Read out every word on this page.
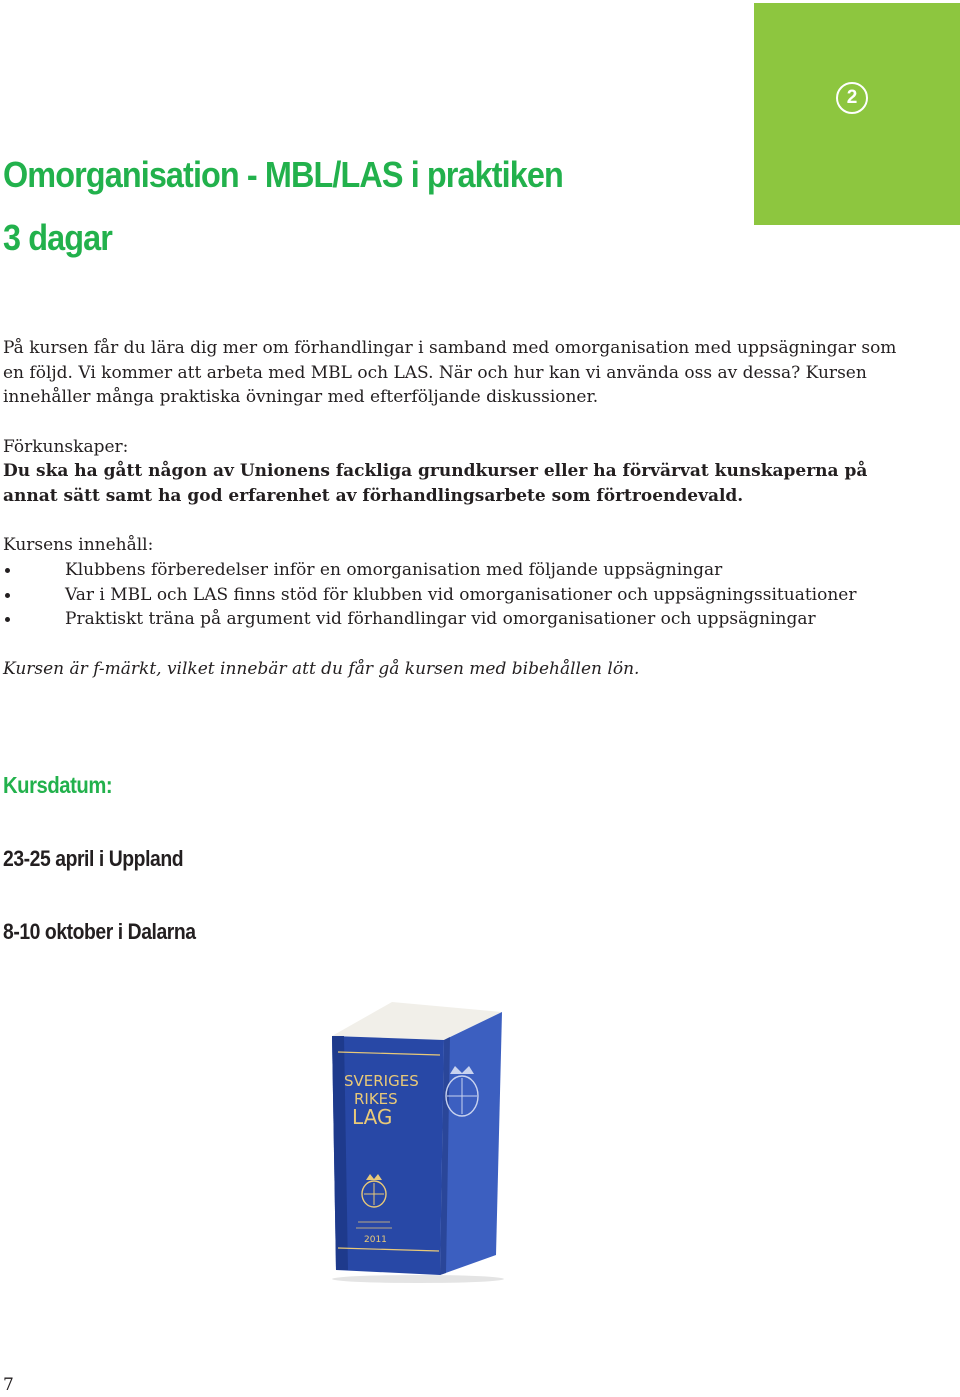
2
Omorganisation - MBL/LAS i praktiken
3 dagar

På kursen får du lära dig mer om förhandlingar i samband med omorganisation med uppsägningar som en följd. Vi kommer att arbeta med MBL och LAS. När och hur kan vi använda oss av dessa? Kursen innehåller många praktiska övningar med efterföljande diskussioner.

Förkunskaper:

Du ska ha gått någon av Unionens fackliga grundkurser eller ha förvärvat kunskaperna på annat sätt samt ha god erfarenhet av förhandlingsarbete som förtroendevald.

Kursens innehåll:

Klubbens förberedelser inför en omorganisation med följande uppsägningar
Var i MBL och LAS finns stöd för klubben vid omorganisationer och uppsägningssituationer
Praktiskt träna på argument vid förhandlingar vid omorganisationer och uppsägningar

Kursen är f-märkt, vilket innebär att du får gå kursen med bibehållen lön.

Kursdatum:
23-25 april i Uppland
8-10 oktober i Dalarna
SVERIGES
RIKES
LAG
2011
7
